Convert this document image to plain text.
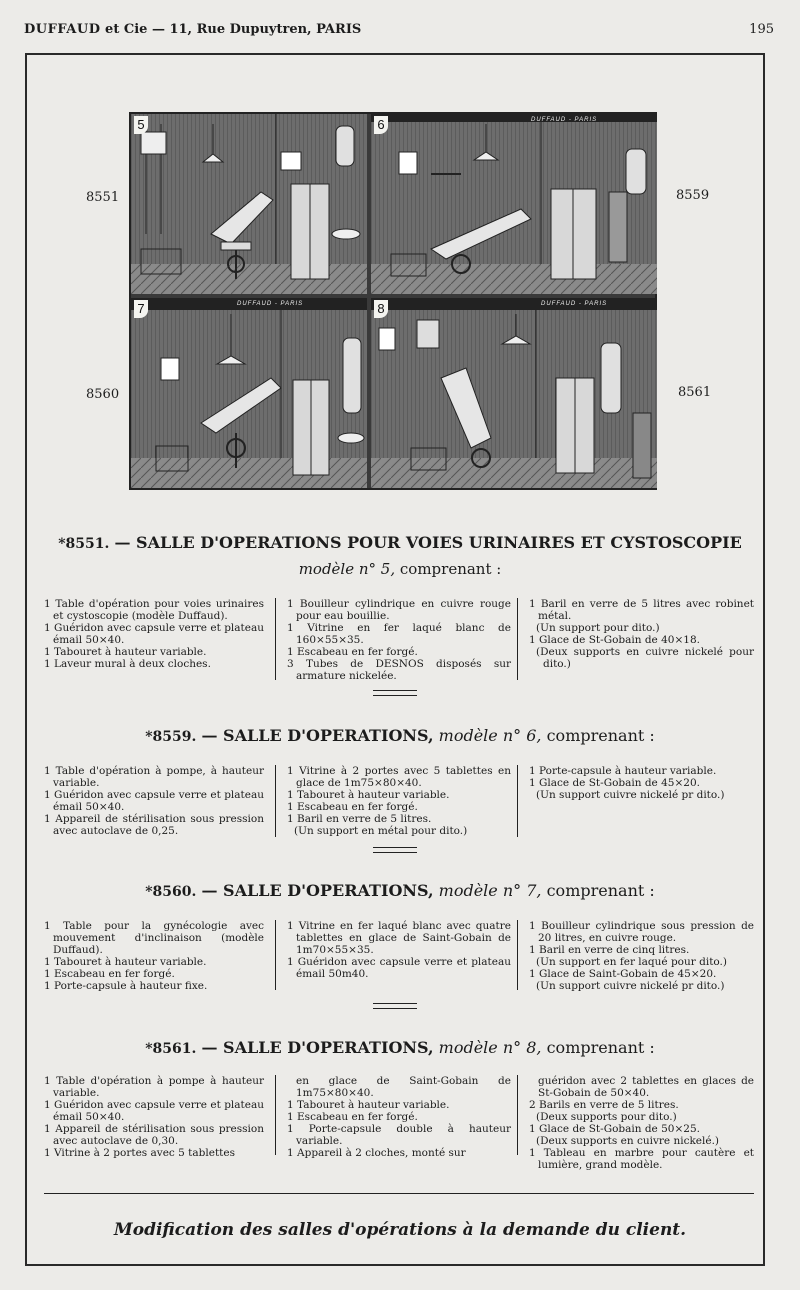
DUFFAUD et Cie — 11, Rue Dupuytren, PARIS	195
5	6	DUFFAUD - PARIS
7	DUFFAUD - PARIS	8	DUFFAUD - PARIS
8551	8559
8560	8561
*8551. — SALLE D'OPERATIONS POUR VOIES URINAIRES ET CYSTOSCOPIE
modèle n° 5, comprenant :

1 Table d'opération pour voies urinaires et cystoscopie (modèle Duffaud).

1 Guéridon avec capsule verre et plateau émail 50×40.

1 Tabouret à hauteur variable.

1 Laveur mural à deux cloches.

1 Bouilleur cylindrique en cuivre rouge pour eau bouillie.

1 Vitrine en fer laqué blanc de 160×55×35.

1 Escabeau en fer forgé.

3 Tubes de DESNOS disposés sur armature nickelée.

1 Baril en verre de 5 litres avec robinet métal.

(Un support pour dito.)

1 Glace de St-Gobain de 40×18.

(Deux supports en cuivre nickelé pour dito.)

*8559. — SALLE D'OPERATIONS, modèle n° 6, comprenant :

1 Table d'opération à pompe, à hauteur variable.

1 Guéridon avec capsule verre et plateau émail 50×40.

1 Appareil de stérilisation sous pression avec autoclave de 0,25.

1 Vitrine à 2 portes avec 5 tablettes en glace de 1m75×80×40.

1 Tabouret à hauteur variable.

1 Escabeau en fer forgé.

1 Baril en verre de 5 litres.

(Un support en métal pour dito.)

1 Porte-capsule à hauteur variable.

1 Glace de St-Gobain de 45×20.

(Un support cuivre nickelé pr dito.)

*8560. — SALLE D'OPERATIONS, modèle n° 7, comprenant :

1 Table pour la gynécologie avec mouvement d'inclinaison (modèle Duffaud).

1 Tabouret à hauteur variable.

1 Escabeau en fer forgé.

1 Porte-capsule à hauteur fixe.

1 Vitrine en fer laqué blanc avec quatre tablettes en glace de Saint-Gobain de 1m70×55×35.

1 Guéridon avec capsule verre et plateau émail 50m40.

1 Bouilleur cylindrique sous pression de 20 litres, en cuivre rouge.

1 Baril en verre de cinq litres.

(Un support en fer laqué pour dito.)

1 Glace de Saint-Gobain de 45×20.

(Un support cuivre nickelé pr dito.)

*8561. — SALLE D'OPERATIONS, modèle n° 8, comprenant :

1 Table d'opération à pompe à hauteur variable.

1 Guéridon avec capsule verre et plateau émail 50×40.

1 Appareil de stérilisation sous pression avec autoclave de 0,30.

1 Vitrine à 2 portes avec 5 tablettes

en glace de Saint-Gobain de 1m75×80×40.

1 Tabouret à hauteur variable.

1 Escabeau en fer forgé.

1 Porte-capsule double à hauteur variable.

1 Appareil à 2 cloches, monté sur

guéridon avec 2 tablettes en glaces de St-Gobain de 50×40.

2 Barils en verre de 5 litres.

(Deux supports pour dito.)

1 Glace de St-Gobain de 50×25.

(Deux supports en cuivre nickelé.)

1 Tableau en marbre pour cautère et lumière, grand modèle.

Modification des salles d'opérations à la demande du client.
